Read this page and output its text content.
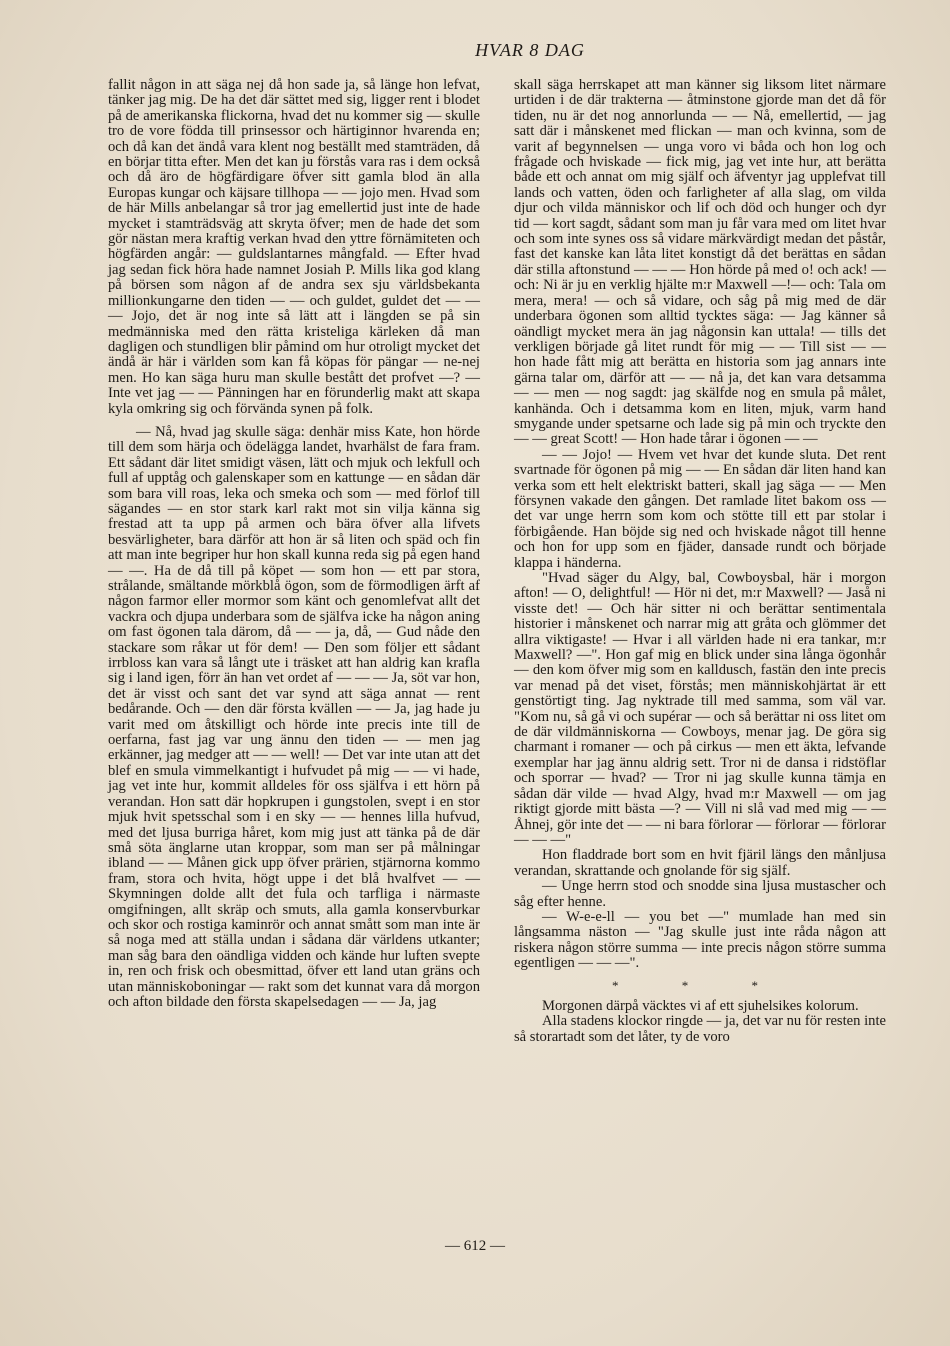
HVAR 8 DAG

fallit någon in att säga nej då hon sade ja, så länge hon lefvat, tänker jag mig. De ha det där sättet med sig, ligger rent i blodet på de amerikanska flickorna, hvad det nu kommer sig — skulle tro de vore födda till prinsessor och härtiginnor hvarenda en; och då kan det ändå vara klent nog beställt med stamträden, då en börjar titta efter. Men det kan ju förstås vara ras i dem också och då äro de högfärdigare öfver sitt gamla blod än alla Europas kungar och käjsare tillhopa — — jojo men. Hvad som de här Mills anbelangar så tror jag emellertid just inte de hade mycket i stamträdsväg att skryta öfver; men de hade det som gör nästan mera kraftig verkan hvad den yttre förnämiteten och högfärden angår: — guldslantarnes mångfald. — Efter hvad jag sedan fick höra hade namnet Josiah P. Mills lika god klang på börsen som någon af de andra sex sju världsbekanta millionkungarne den tiden — — och guldet, guldet det — — — Jojo, det är nog inte så lätt att i längden se på sin medmänniska med den rätta kristeliga kärleken då man dagligen och stundligen blir påmind om hur otroligt mycket det ändå är här i världen som kan få köpas för pängar — ne-nej men. Ho kan säga huru man skulle bestått det profvet —? — Inte vet jag — — Pänningen har en förunderlig makt att skapa kyla omkring sig och förvända synen på folk.

— Nå, hvad jag skulle säga: denhär miss Kate, hon hörde till dem som härja och ödelägga landet, hvarhälst de fara fram. Ett sådant där litet smidigt väsen, lätt och mjuk och lekfull och full af upptåg och galenskaper som en kattunge — en sådan där som bara vill roas, leka och smeka och som — med förlof till sägandes — en stor stark karl rakt mot sin vilja känna sig frestad att ta upp på armen och bära öfver alla lifvets besvärligheter, bara därför att hon är så liten och späd och fin att man inte begriper hur hon skall kunna reda sig på egen hand — —. Ha de då till på köpet — som hon — ett par stora, strålande, smältande mörkblå ögon, som de förmodligen ärft af någon farmor eller mormor som känt och genomlefvat allt det vackra och djupa underbara som de själfva icke ha någon aning om fast ögonen tala därom, då — — ja, då, — Gud nåde den stackare som råkar ut för dem! — Den som följer ett sådant irrbloss kan vara så långt ute i träsket att han aldrig kan krafla sig i land igen, förr än han vet ordet af — — — Ja, söt var hon, det är visst och sant det var synd att säga annat — rent bedårande. Och — den där första kvällen — — Ja, jag hade ju varit med om åtskilligt och hörde inte precis inte till de oerfarna, fast jag var ung ännu den tiden — — men jag erkänner, jag medger att — — well! — Det var inte utan att det blef en smula vimmelkantigt i hufvudet på mig — — vi hade, jag vet inte hur, kommit alldeles för oss själfva i ett hörn på verandan. Hon satt där hopkrupen i gungstolen, svept i en stor mjuk hvit spetsschal som i en sky — — hennes lilla hufvud, med det ljusa burriga håret, kom mig just att tänka på de där små söta änglarne utan kroppar, som man ser på målningar ibland — — Månen gick upp öfver prärien, stjärnorna kommo fram, stora och hvita, högt uppe i det blå hvalfvet — — Skymningen dolde allt det fula och tarfliga i närmaste omgifningen, allt skräp och smuts, alla gamla konservburkar och skor och rostiga kaminrör och annat smått som man inte är så noga med att ställa undan i sådana där världens utkanter; man såg bara den oändliga vidden och kände hur luften svepte in, ren och frisk och obesmittad, öfver ett land utan gräns och utan människoboningar — rakt som det kunnat vara då morgon och afton bildade den första skapelsedagen — — Ja, jag

skall säga herrskapet att man känner sig liksom litet närmare urtiden i de där trakterna — åtminstone gjorde man det då för tiden, nu är det nog annorlunda — — Nå, emellertid, — jag satt där i månskenet med flickan — man och kvinna, som de varit af begynnelsen — unga voro vi båda och hon log och frågade och hviskade — fick mig, jag vet inte hur, att berätta både ett och annat om mig själf och äfventyr jag upplefvat till lands och vatten, öden och farligheter af alla slag, om vilda djur och vilda människor och lif och död och hunger och dyr tid — kort sagdt, sådant som man ju får vara med om litet hvar och som inte synes oss så vidare märkvärdigt medan det påstår, fast det kanske kan låta litet konstigt då det berättas en sådan där stilla aftonstund — — — Hon hörde på med o! och ack! — och: Ni är ju en verklig hjälte m:r Maxwell —!— och: Tala om mera, mera! — och så vidare, och såg på mig med de där underbara ögonen som alltid tycktes säga: — Jag känner så oändligt mycket mera än jag någonsin kan uttala! — tills det verkligen började gå litet rundt för mig — — Till sist — — hon hade fått mig att berätta en historia som jag annars inte gärna talar om, därför att — — nå ja, det kan vara detsamma — — men — nog sagdt: jag skälfde nog en smula på målet, kanhända. Och i detsamma kom en liten, mjuk, varm hand smygande under spetsarne och lade sig på min och tryckte den — — great Scott! — Hon hade tårar i ögonen — —

— — Jojo! — Hvem vet hvar det kunde sluta. Det rent svartnade för ögonen på mig — — En sådan där liten hand kan verka som ett helt elektriskt batteri, skall jag säga — — Men försynen vakade den gången. Det ramlade litet bakom oss — det var unge herrn som kom och stötte till ett par stolar i förbigående. Han böjde sig ned och hviskade något till henne och hon for upp som en fjäder, dansade rundt och började klappa i händerna.

"Hvad säger du Algy, bal, Cowboysbal, här i morgon afton! — O, delightful! — Hör ni det, m:r Maxwell? — Jaså ni visste det! — Och här sitter ni och berättar sentimentala historier i månskenet och narrar mig att gråta och glömmer det allra viktigaste! — Hvar i all världen hade ni era tankar, m:r Maxwell? —". Hon gaf mig en blick under sina långa ögonhår — den kom öfver mig som en kalldusch, fastän den inte precis var menad på det viset, förstås; men människohjärtat är ett genstörtigt ting. Jag nyktrade till med samma, som väl var. "Kom nu, så gå vi och supérar — och så berättar ni oss litet om de där vildmänniskorna — Cowboys, menar jag. De göra sig charmant i romaner — och på cirkus — men ett äkta, lefvande exemplar har jag ännu aldrig sett. Tror ni de dansa i ridstöflar och sporrar — hvad? — Tror ni jag skulle kunna tämja en sådan där vilde — hvad Algy, hvad m:r Maxwell — om jag riktigt gjorde mitt bästa —? — Vill ni slå vad med mig — — Åhnej, gör inte det — — ni bara förlorar — förlorar — förlorar — — —"

Hon fladdrade bort som en hvit fjäril längs den månljusa verandan, skrattande och gnolande för sig själf.

— Unge herrn stod och snodde sina ljusa mustascher och såg efter henne.

— W-e-e-ll — you bet —" mumlade han med sin långsamma näston — "Jag skulle just inte råda någon att riskera någon större summa — inte precis någon större summa egentligen — — —".

* * *

Morgonen därpå väcktes vi af ett sjuhelsikes kolorum.

Alla stadens klockor ringde — ja, det var nu för resten inte så storartadt som det låter, ty de voro

— 612 —
